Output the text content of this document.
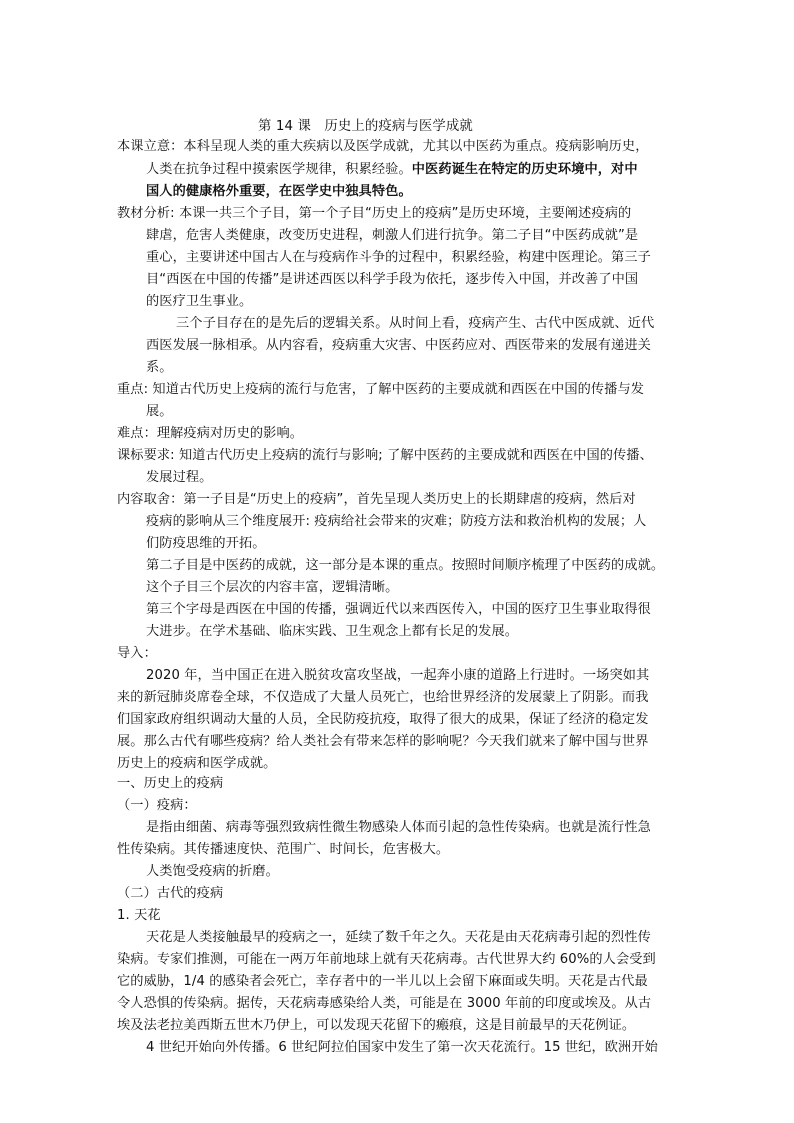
第 14 课　历史上的疫病与医学成就
本课立意：本科呈现人类的重大疾病以及医学成就，尤其以中医药为重点。疫病影响历史，
人类在抗争过程中摸索医学规律，积累经验。中医药诞生在特定的历史环境中，对中
国人的健康格外重要，在医学史中独具特色。
教材分析: 本课一共三个子目，第一个子目“历史上的疫病”是历史环境，主要阐述疫病的
肆虐，危害人类健康，改变历史进程，刺激人们进行抗争。第二子目“中医药成就”是
重心，主要讲述中国古人在与疫病作斗争的过程中，积累经验，构建中医理论。第三子
目“西医在中国的传播”是讲述西医以科学手段为依托，逐步传入中国，并改善了中国
的医疗卫生事业。
三个子目存在的是先后的逻辑关系。从时间上看，疫病产生、古代中医成就、近代
西医发展一脉相承。从内容看，疫病重大灾害、中医药应对、西医带来的发展有递进关
系。
重点: 知道古代历史上疫病的流行与危害，了解中医药的主要成就和西医在中国的传播与发
展。
难点：理解疫病对历史的影响。
课标要求: 知道古代历史上疫病的流行与影响; 了解中医药的主要成就和西医在中国的传播、
发展过程。
内容取舍：第一子目是“历史上的疫病”，首先呈现人类历史上的长期肆虐的疫病，然后对
疫病的影响从三个维度展开: 疫病给社会带来的灾难；防疫方法和救治机构的发展；人
们防疫思维的开拓。
第二子目是中医药的成就，这一部分是本课的重点。按照时间顺序梳理了中医药的成就。
这个子目三个层次的内容丰富，逻辑清晰。
第三个字母是西医在中国的传播，强调近代以来西医传入，中国的医疗卫生事业取得很
大进步。在学术基础、临床实践、卫生观念上都有长足的发展。
导入：
2020 年，当中国正在进入脱贫攻富攻坚战，一起奔小康的道路上行进时。一场突如其
来的新冠肺炎席卷全球，不仅造成了大量人员死亡，也给世界经济的发展蒙上了阴影。而我
们国家政府组织调动大量的人员，全民防疫抗疫，取得了很大的成果，保证了经济的稳定发
展。那么古代有哪些疫病？给人类社会有带来怎样的影响呢？今天我们就来了解中国与世界
历史上的疫病和医学成就。
一、历史上的疫病
（一）疫病：
是指由细菌、病毒等强烈致病性微生物感染人体而引起的急性传染病。也就是流行性急
性传染病。其传播速度快、范围广、时间长，危害极大。
人类饱受疫病的折磨。
（二）古代的疫病
1. 天花
天花是人类接触最早的疫病之一，延续了数千年之久。天花是由天花病毒引起的烈性传
染病。专家们推测，可能在一两万年前地球上就有天花病毒。古代世界大约 60%的人会受到
它的威胁，1/4 的感染者会死亡，幸存者中的一半儿以上会留下麻面或失明。天花是古代最
令人恐惧的传染病。据传，天花病毒感染给人类，可能是在 3000 年前的印度或埃及。从古
埃及法老拉美西斯五世木乃伊上，可以发现天花留下的瘢痕，这是目前最早的天花例证。
4 世纪开始向外传播。6 世纪阿拉伯国家中发生了第一次天花流行。15 世纪，欧洲开始
